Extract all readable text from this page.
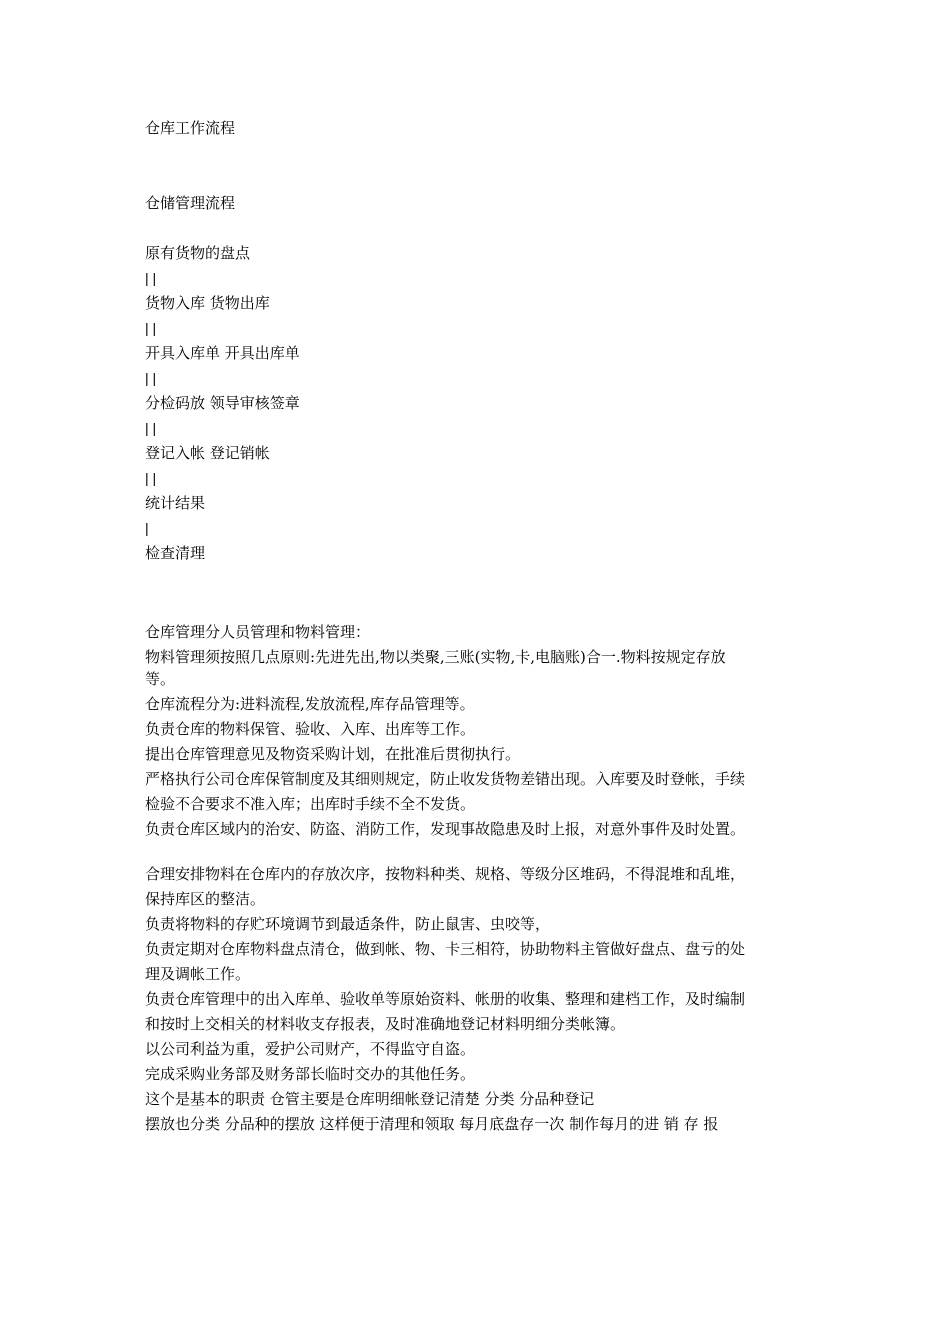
仓库工作流程
仓储管理流程
原有货物的盘点
| |
货物入库 货物出库
| |
开具入库单 开具出库单
| |
分检码放 领导审核签章
| |
登记入帐 登记销帐
| |
统计结果
|
检查清理
仓库管理分人员管理和物料管理：
物料管理须按照几点原则:先进先出,物以类聚,三账(实物,卡,电脑账)合一.物料按规定存放
等。
仓库流程分为:进料流程,发放流程,库存品管理等。
负责仓库的物料保管、验收、入库、出库等工作。
提出仓库管理意见及物资采购计划，在批准后贯彻执行。
严格执行公司仓库保管制度及其细则规定，防止收发货物差错出现。入库要及时登帐，手续
检验不合要求不准入库；出库时手续不全不发货。
负责仓库区域内的治安、防盗、消防工作，发现事故隐患及时上报，对意外事件及时处置。
合理安排物料在仓库内的存放次序，按物料种类、规格、等级分区堆码，不得混堆和乱堆，
保持库区的整洁。
负责将物料的存贮环境调节到最适条件，防止鼠害、虫咬等，
负责定期对仓库物料盘点清仓，做到帐、物、卡三相符，协助物料主管做好盘点、盘亏的处
理及调帐工作。
负责仓库管理中的出入库单、验收单等原始资料、帐册的收集、整理和建档工作，及时编制
和按时上交相关的材料收支存报表，及时准确地登记材料明细分类帐簿。
以公司利益为重，爱护公司财产，不得监守自盗。
完成采购业务部及财务部长临时交办的其他任务。
这个是基本的职责 仓管主要是仓库明细帐登记清楚 分类 分品种登记
摆放也分类 分品种的摆放 这样便于清理和领取 每月底盘存一次 制作每月的进 销 存 报
